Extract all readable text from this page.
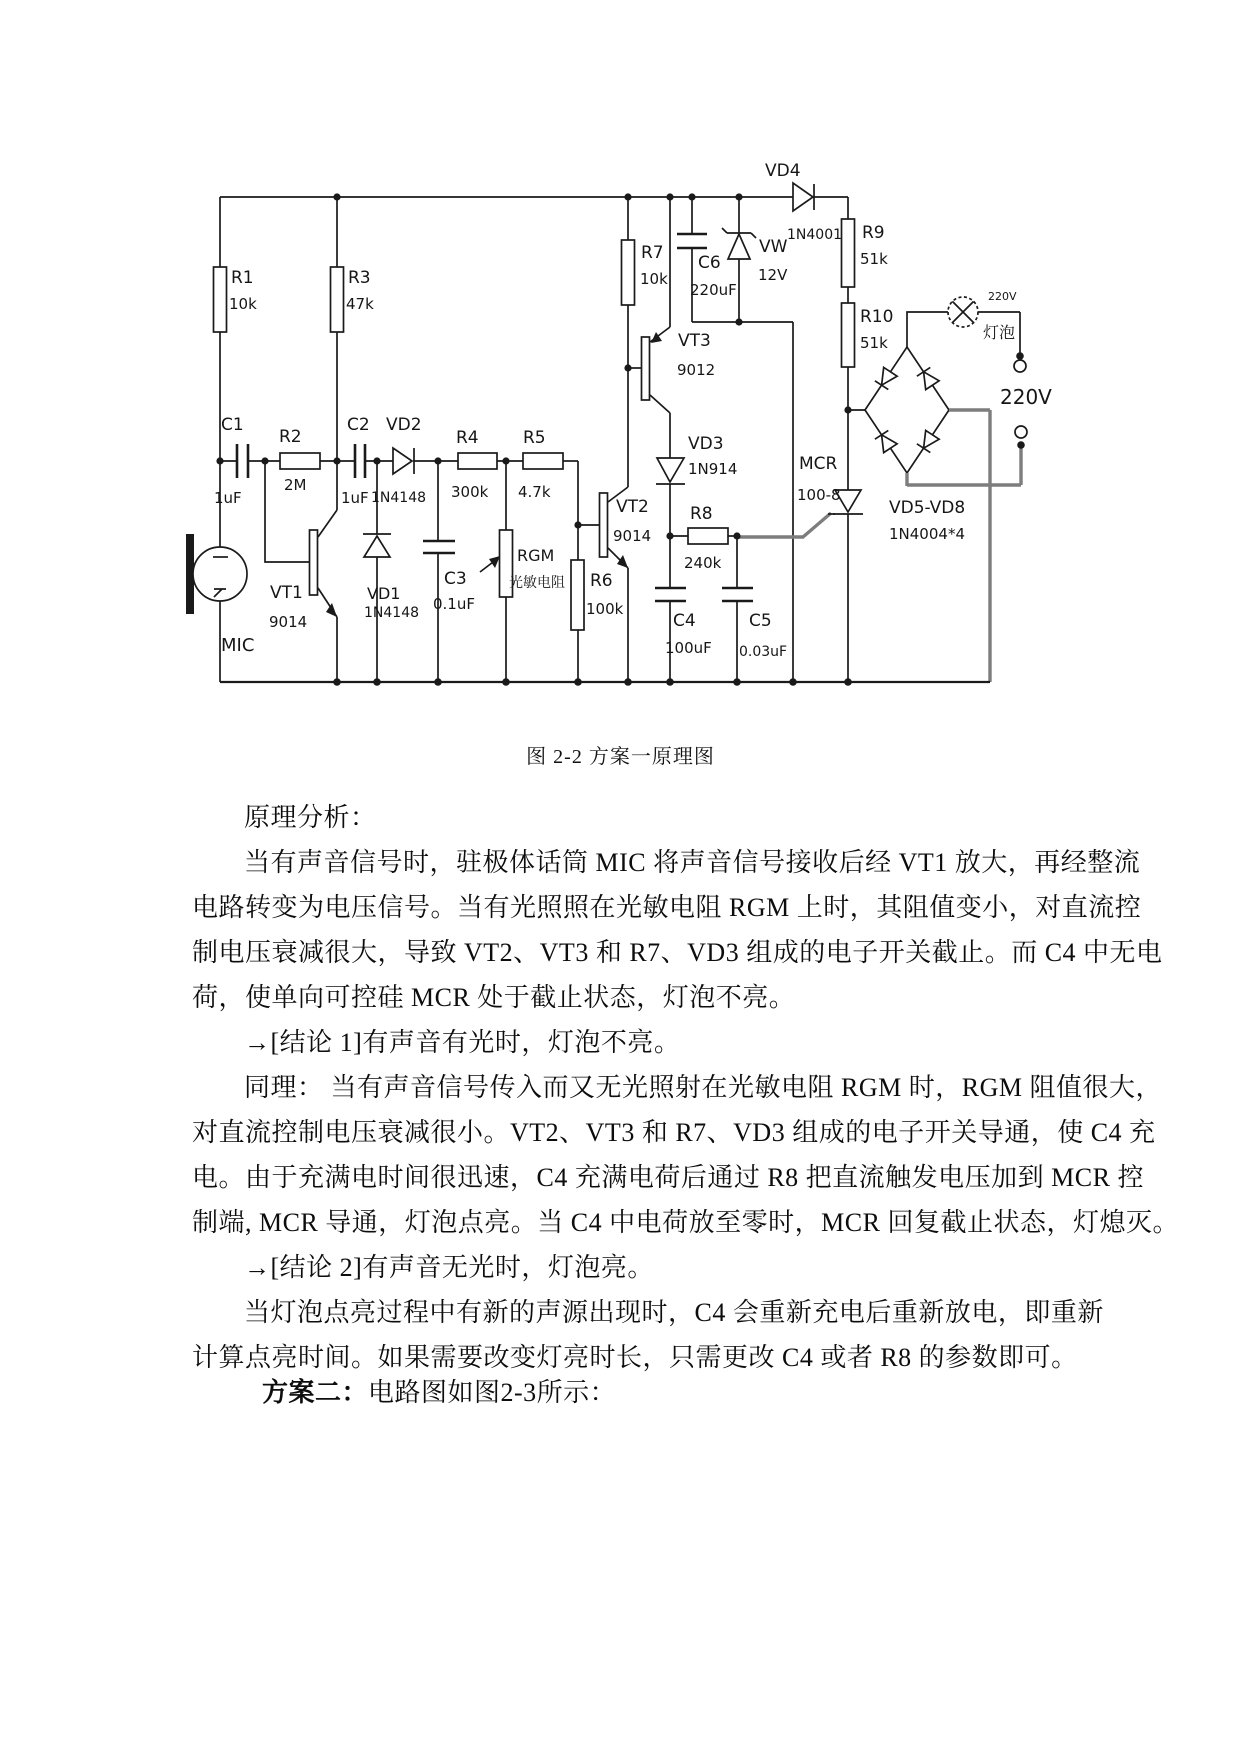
R1
10k
R3
47k
C1
1uF
R2
2M
C2
1uF
VD2
1N4148
R4
300k
R5
4.7k
VT1
9014
MIC
VD1
1N4148
C3
0.1uF
RGM
光敏电阻 R6
100k
VT2
9014
R7
10k
VT3
9012
VD3
1N914
R8
240k
C4
100uF
C5
0.03uF
C6
220uF
VW
12V
VD4
1N4001 R9
51k
R10
51k
MCR
100-8
VD5-VD8
1N4004*4
灯泡
220V
220V
图 2-2 方案一原理图
原理分析：
当有声音信号时，驻极体话筒 MIC 将声音信号接收后经 VT1 放大，再经整流
电路转变为电压信号。当有光照照在光敏电阻 RGM 上时，其阻值变小，对直流控
制电压衰减很大，导致 VT2、VT3 和 R7、VD3 组成的电子开关截止。而 C4 中无电
荷，使单向可控硅 MCR 处于截止状态，灯泡不亮。
→[结论 1]有声音有光时，灯泡不亮。
同理： 当有声音信号传入而又无光照射在光敏电阻 RGM 时，RGM 阻值很大，
对直流控制电压衰减很小。VT2、VT3 和 R7、VD3 组成的电子开关导通，使 C4 充
电。由于充满电时间很迅速，C4 充满电荷后通过 R8 把直流触发电压加到 MCR 控
制端, MCR 导通，灯泡点亮。当 C4 中电荷放至零时，MCR 回复截止状态，灯熄灭。
→[结论 2]有声音无光时，灯泡亮。
当灯泡点亮过程中有新的声源出现时，C4 会重新充电后重新放电，即重新
计算点亮时间。如果需要改变灯亮时长，只需更改 C4 或者 R8 的参数即可。
方案二：电路图如图2-3所示：
